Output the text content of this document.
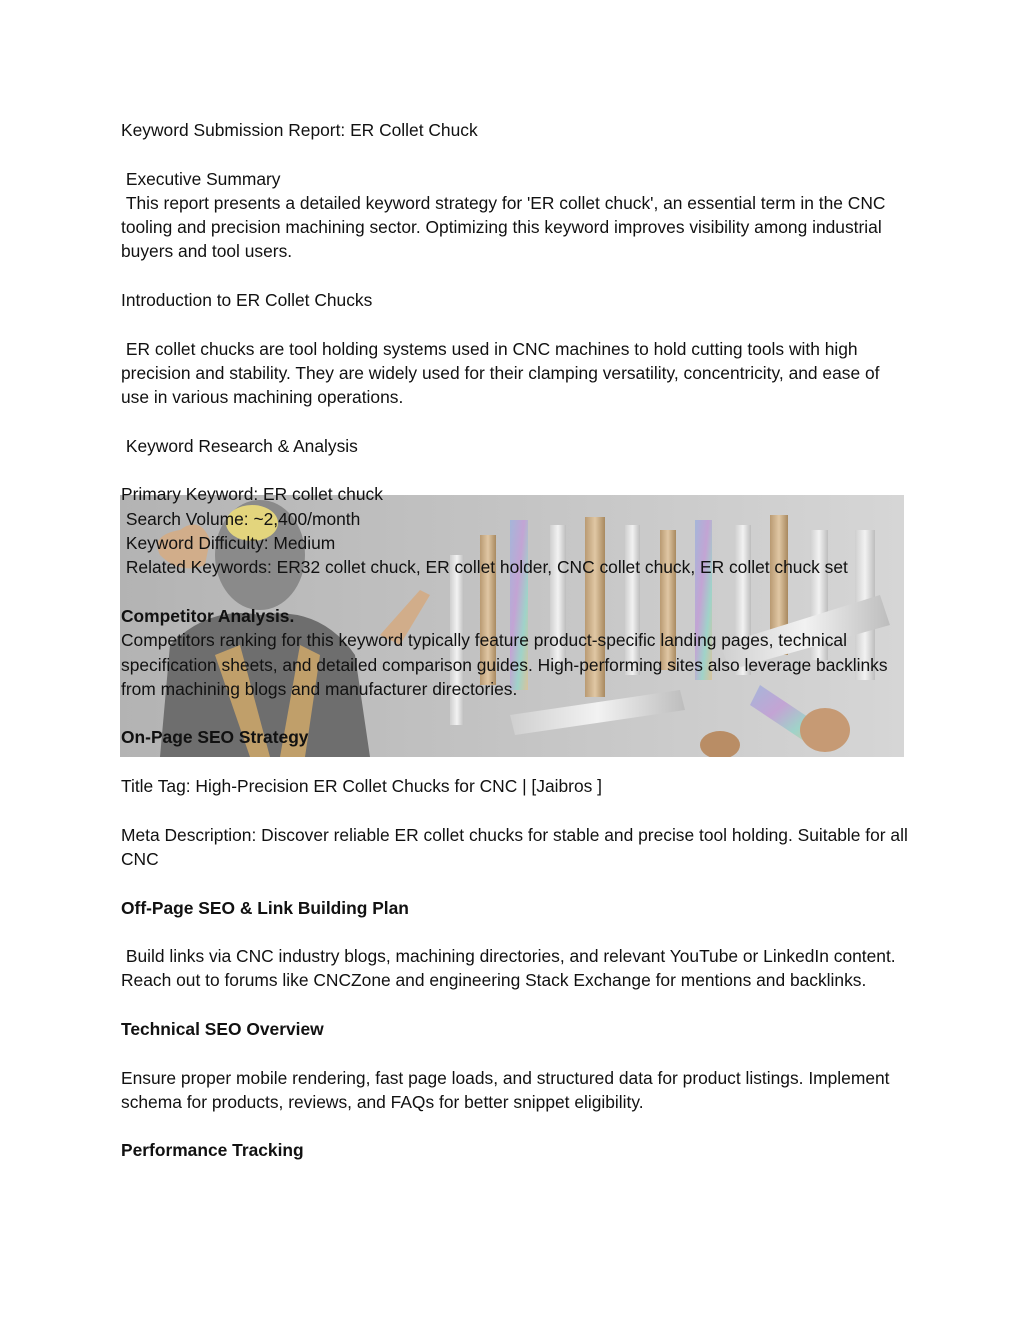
Keyword Submission Report: ER Collet Chuck

Executive Summary

This report presents a detailed keyword strategy for 'ER collet chuck', an essential term in the CNC tooling and precision machining sector. Optimizing this keyword improves visibility among industrial buyers and tool users.

Introduction to ER Collet Chucks

ER collet chucks are tool holding systems used in CNC machines to hold cutting tools with high precision and stability. They are widely used for their clamping versatility, concentricity, and ease of use in various machining operations.

Keyword Research & Analysis

Primary Keyword: ER collet chuck

Search Volume: ~2,400/month

Keyword Difficulty: Medium

Related Keywords: ER32 collet chuck, ER collet holder, CNC collet chuck, ER collet chuck set

Competitor Analysis.

Competitors ranking for this keyword typically feature product-specific landing pages, technical specification sheets, and detailed comparison guides. High-performing sites also leverage backlinks from machining blogs and manufacturer directories.

On-Page SEO Strategy

Title Tag: High-Precision ER Collet Chucks for CNC | [Jaibros ]

Meta Description: Discover reliable ER collet chucks for stable and precise tool holding. Suitable for all CNC

Off-Page SEO & Link Building Plan

Build links via CNC industry blogs, machining directories, and relevant YouTube or LinkedIn content. Reach out to forums like CNCZone and engineering Stack Exchange for mentions and backlinks.

Technical SEO Overview

Ensure proper mobile rendering, fast page loads, and structured data for product listings. Implement schema for products, reviews, and FAQs for better snippet eligibility.

Performance Tracking
